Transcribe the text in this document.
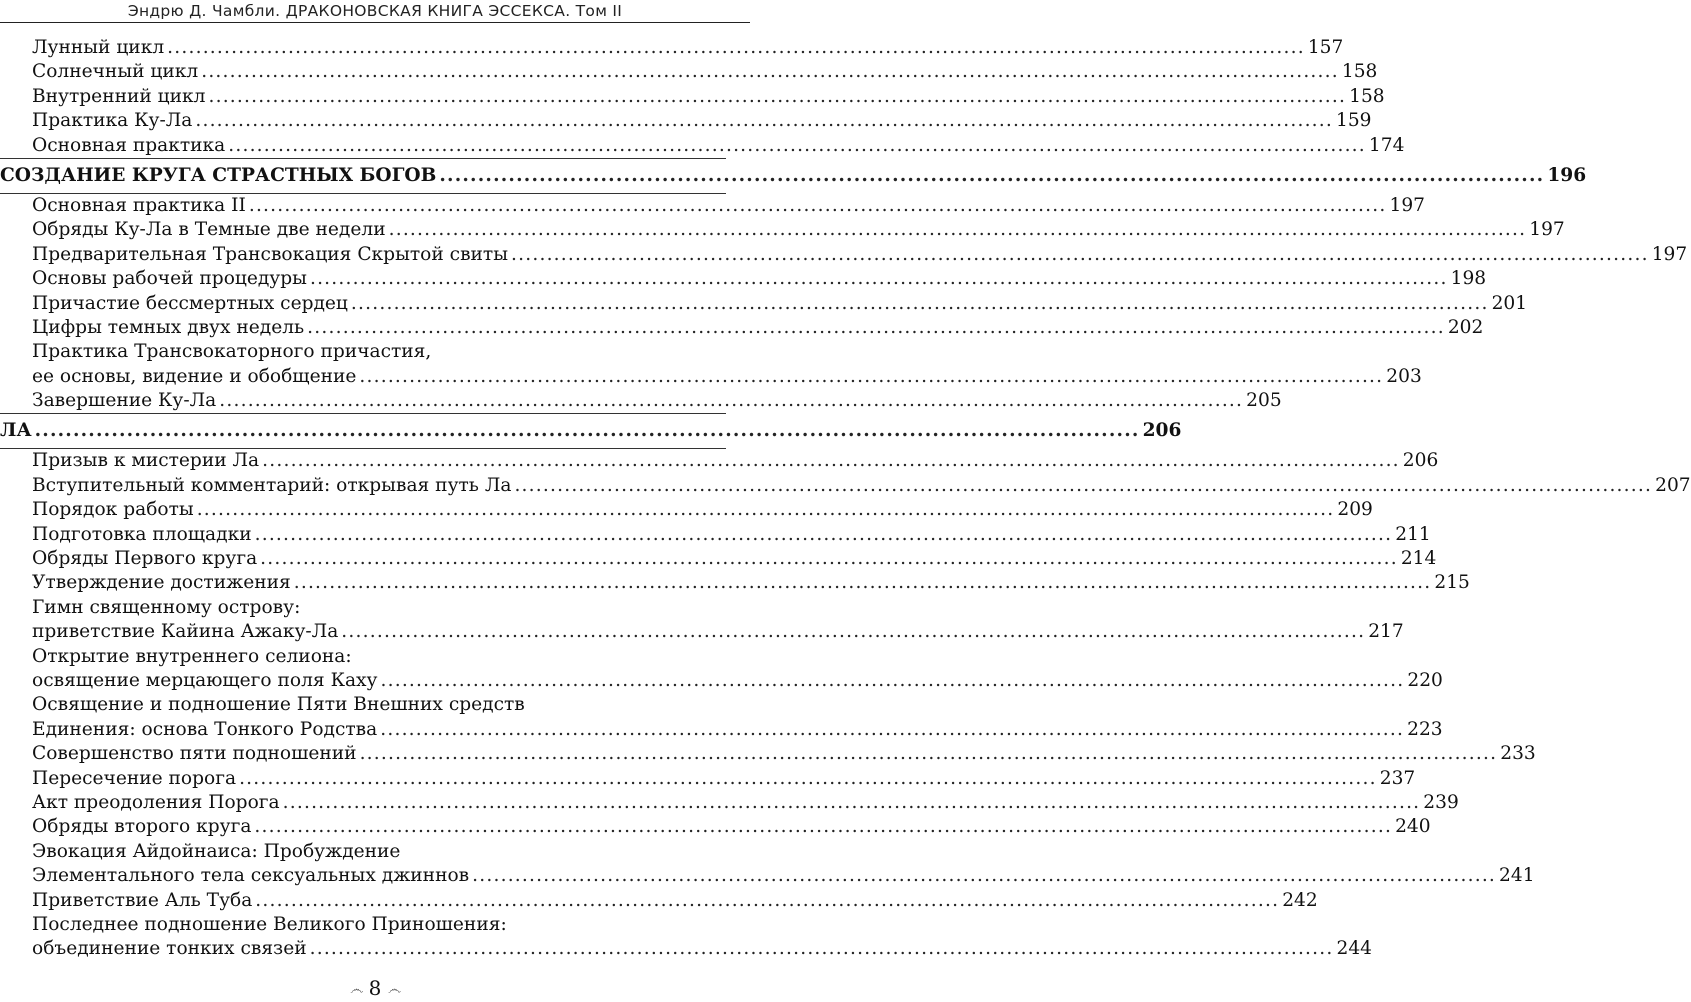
Эндрю Д. Чамбли. ДРАКОНОВСКАЯ КНИГА ЭССЕКСА. Том II
Лунный цикл ................................................................................................................................................................ 157
Солнечный цикл ................................................................................................................................................................ 158
Внутренний цикл ................................................................................................................................................................ 158
Практика Ку-Ла ................................................................................................................................................................ 159
Основная практика ................................................................................................................................................................ 174
СОЗДАНИЕ КРУГА СТРАСТНЫХ БОГОВ ................................................................................................................................................ 196
Основная практика II ................................................................................................................................................................ 197
Обряды Ку-Ла в Темные две недели ................................................................................................................................................................ 197
Предварительная Трансвокация Скрытой свиты ................................................................................................................................................................ 197
Основы рабочей процедуры ................................................................................................................................................................ 198
Причастие бессмертных сердец ................................................................................................................................................................ 201
Цифры темных двух недель ................................................................................................................................................................ 202
Практика Трансвокаторного причастия,
ее основы, видение и обобщение ................................................................................................................................................ 203
Завершение Ку-Ла ................................................................................................................................................ 205
ЛА ................................................................................................................................................ 206
Призыв к мистерии Ла ................................................................................................................................................................ 206
Вступительный комментарий: открывая путь Ла ................................................................................................................................................................ 207
Порядок работы ................................................................................................................................................................ 209
Подготовка площадки ................................................................................................................................................................ 211
Обряды Первого круга ................................................................................................................................................................ 214
Утверждение достижения ................................................................................................................................................................ 215
Гимн священному острову:
приветствие Кайина Ажаку-Ла ................................................................................................................................................ 217
Открытие внутреннего селиона:
освящение мерцающего поля Каху ................................................................................................................................................ 220
Освящение и подношение Пяти Внешних средств
Единения: основа Тонкого Родства ................................................................................................................................................ 223
Совершенство пяти подношений ................................................................................................................................................................ 233
Пересечение порога ................................................................................................................................................................ 237
Акт преодоления Порога ................................................................................................................................................................ 239
Обряды второго круга ................................................................................................................................................................ 240
Эвокация Айдойнаиса: Пробуждение
Элементального тела сексуальных джиннов ................................................................................................................................................ 241
Приветствие Аль Туба ................................................................................................................................................ 242
Последнее подношение Великого Приношения:
объединение тонких связей ................................................................................................................................................ 244
෴ 8 ෴
